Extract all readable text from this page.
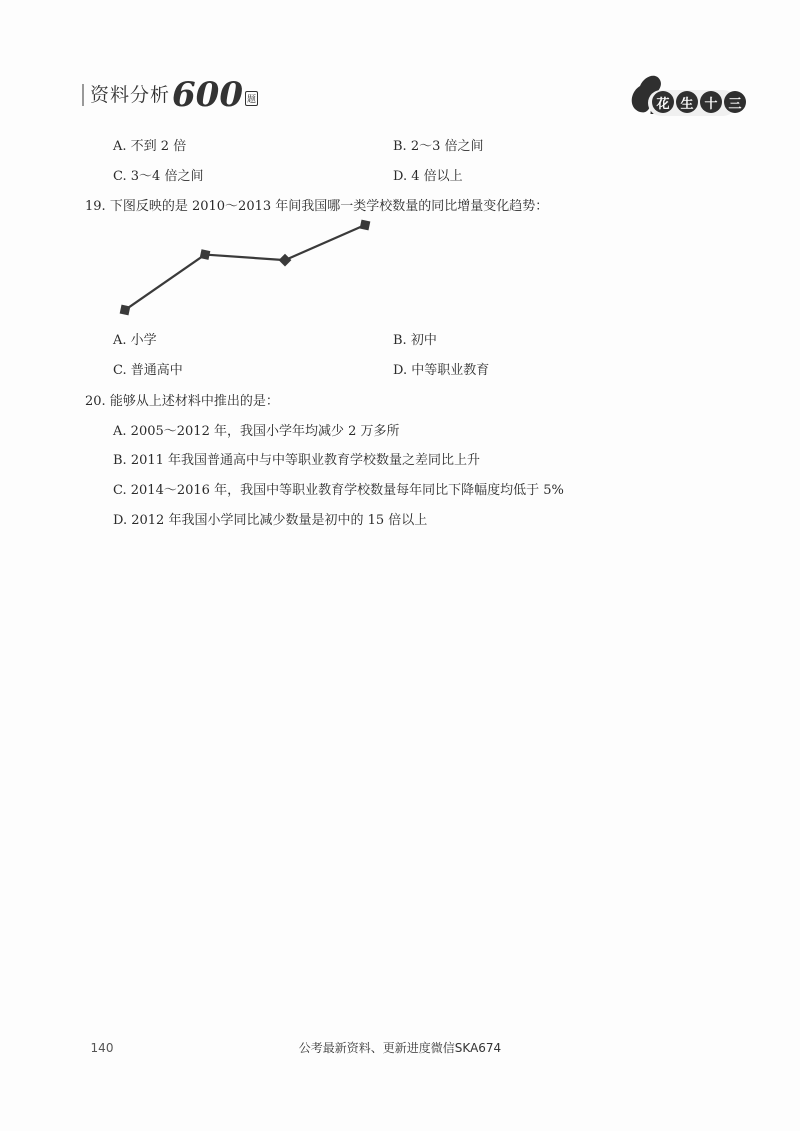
资料分析 600 题	花 生 十 三
A. 不到 2 倍	B. 2～3 倍之间
C. 3～4 倍之间	D. 4 倍以上
19. 下图反映的是 2010～2013 年间我国哪一类学校数量的同比增量变化趋势：
A. 小学	B. 初中
C. 普通高中	D. 中等职业教育
20. 能够从上述材料中推出的是：
A. 2005～2012 年，我国小学年均减少 2 万多所
B. 2011 年我国普通高中与中等职业教育学校数量之差同比上升
C. 2014～2016 年，我国中等职业教育学校数量每年同比下降幅度均低于 5%
D. 2012 年我国小学同比减少数量是初中的 15 倍以上
140	公考最新资料、更新进度微信SKA674
